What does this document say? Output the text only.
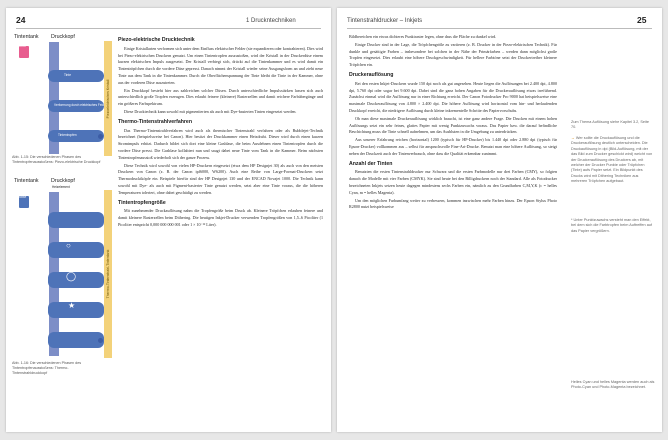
24	1 Druckntechniken
Tintentank Druckkopf
Piezoelektrisches Kristall
Tinte
Tinte
Verformung durch elektrisches Feld
Tintentropfen
Abb. 1-15: Die verschiedenen Phasen des Tintentropfenausstoßens: Piezo-elektrische Druckkopf
Tintentank Druckkopf
Heizelement
Thermo-Tintenstrahl-Tintentank
Tinte
○
◯
★
Abb. 1-16: Die verschiedenen Phasen des Tintentropfenausstoßens: Thermo-Tintenstrahldruckkopf

Piezo-elektrische Drucktechnik

Einige Kristallarten verformen sich unter dem Einfluss elektrischer Felder (sie expandieren oder kontrahieren). Dies wird bei Piezo-elektrischen Druckern genutzt. Um einen Tintentropfen auszustoßen, wird der Kristall in der Druckerdüse einem kurzen elektrischen Impuls ausgesetzt. Der Kristall verbiegt sich, drückt auf die Tintenkammer und es wird damit ein Tintentröpfchen durch die vordere Düse gepresst. Danach nimmt der Kristall wieder seine Ausgangsform an und zieht neue Tinte aus dem Tank in die Tintenkammer. Durch die Oberflächenspannung der Tinte bleibt die Tinte in der Kammer, ohne aus der vorderen Düse auszutreten.

Ein Druckkopf besteht hier aus zahlreichen solcher Düsen. Durch unterschiedliche Impulsstärken lassen sich auch unterschiedlich große Tropfen erzeugen. Dies erlaubt feinere (kleinere) Rasterzellen und damit reichere Farbübergänge und ein größeres Farbspektrum.

Diese Drucktechnik kann sowohl mit pigmentierten als auch mit Dye-basierten Tinten eingesetzt werden.

Thermo-Tintenstrahlverfahren

Das Thermo-Tintenstrahlverfahren wird auch als thermischer Tintenstrahl verfahren oder als Bubblejet-Technik bezeichnet (beispielsweise bei Canon). Hier besitzt der Druckkammer einen Heizdraht. Dieser wird durch einen kurzen Stromimpuls erhitzt. Dadurch bildet sich dort eine kleine Gasblase, die beim Ausdehnen einen Tintentropfen durch die vordere Düse presst. Die Gasblase kollabiert nun und saugt dabei neue Tinte vom Tank in die Kammer. Beim nächsten Tintentropfenausstoß wiederholt sich der ganze Prozess.

Diese Technik wird sowohl von vielen HP-Druckern eingesetzt (etwa dem HP Designjet 30) als auch von den meisten Druckern von Canon (z. B. der Canon ipf6000, W6200). Auch eine Reihe von Large-Format-Druckern setzt Thermodrucktköpfe ein. Beispiele hierfür sind der HP Designjet 130 und der ENCAD Novajet 1000. Die Technik kann sowohl mit Dye- als auch mit Pigment-basierter Tinte genutzt werden, setzt aber eine Tinte voraus, die die höheren Temperaturen toleriert, ohne dabei geschädigt zu werden.

Tintentropfengröße

Mit zunehmender Druckauflösung nahm die Tropfengröße beim Druck ab. Kleinere Tröpfchen erlauben feinere und damit kleinere Rasterzellen beim Dithering. Die heutigen Inkjet-Drucker verwenden Tropfengrößen von 1,5–6 Picoliter (1 Picoliter entspricht 0,000 000 000 001 oder 1 × 10⁻¹² Liter).

Tintenstrahldrucker – Inkjets	25

Bildbereichen ein etwas dichteres Punktraster legen, ohne dass die Fläche zu dunkel wird.

Einige Drucker sind in der Lage, die Tröpfchengröße zu variieren (z. B. Drucker in der Piezo-elektrischen Technik). Für dunkle und gesättigte Farben – insbesondere bei solchen in der Nähe der Primärfarben – werden dann möglichst große Tropfen eingesetzt. Dies erlaubt eine höhere Druckgeschwindigkeit. Für hellere Farbtöne setzt der Druckertreiber kleinere Tröpfchen ein.

Druckerauflösung

Bei den ersten Inkjet-Druckern wurde 150 dpi noch als gut angesehen. Heute liegen die Auflösungen bei 2.400 dpi, 4.800 dpi, 5.760 dpi oder sogar bei 9.600 dpi. Dabei sind die ganz hohen Angaben für die Druckerauflösung etwas irreführend. Zunächst einmal wird die Auflösung nur in einer Richtung erreicht. Der Canon Fotodrucker Pro 9000 hat beispielsweise eine maximale Druckerauflösung von 4.800 × 2.400 dpi. Die höhere Auflösung wird horizontal vom hin- und herlaufenden Druckkopf erreicht, die niedrigere Auflösung durch kleine inkrementelle Schritte des Papiervorschubs.

Ob man diese maximale Druckerauflösung wirklich braucht, ist eine ganz andere Frage. Die Drucken mit einem hohen Auflösungs setzt ein sehr feines, glattes Papier mit wenig Punktzuwachs voraus. Das Papier bzw. die darauf befindliche Beschichtung muss die Tinte schnell aufnehmen, um das Ausbluten in die Umgebung zu unterdrücken.

Aus unserer Erfahrung reichen (horizontal) 1200 (typisch für HP-Drucker) bis 1.440 dpi oder 2.880 dpi (typisch für Epson-Drucker) vollkommen aus – selbst für anspruchsvolle Fine-Art-Drucke. Benutzt man eine höhere Auflösung, so steigt neben der Druckzeit auch der Tintenverbrauch, ohne dass die Qualität erkennbar zunimmt.

Anzahl der Tinten

Benutzten die ersten Tintenstrahldrucker nur Schwarz und die ersten Farbmodelle nur drei Farben (CMY), so folgten danach die Modelle mit vier Farben (CMYK). Sie sind heute bei den Billigdruckern noch der Standard. Alle als Fotodrucker bezeichneten Inkjets setzen heute dagegen mindestens sechs Farben ein, nämlich zu den Grundfarben C,M,Y,K (c = helles Cyan, m = helles Magenta).

Um den möglichen Farbumfang weiter zu verbessern, kommen inzwischen mehr Farben hinzu. Der Epson Stylus Photo R2800 nutzt beispielsweise

Zum Thema Auflösung siehe Kapitel 3.2, Seite 70.
→ Wer sollte die Druckauflösung und die Druckerauflösung deutlich unterscheiden. Die Druckauflösung in dpi (Bild-Auflösung, mit der das Bild zum Drucker geschickt wird) weicht von der Druckerauflösung des Druckers ab, mit welcher der Drucker Punkte oder Tröpfchen (Tinte) aufs Papier setzt. Ein Bildpunkt des Drucks wird mit Dithering Techniken aus mehreren Tröpfchen aufgebaut.
* Unter Punktzuwachs versteht man den Effekt, bei dem sich die Farbtropfen beim Auftreffen auf das Papier vergrößern.
Helles Cyan und helles Magenta werden auch als Photo-Cyan und Photo-Magenta bezeichnet.
